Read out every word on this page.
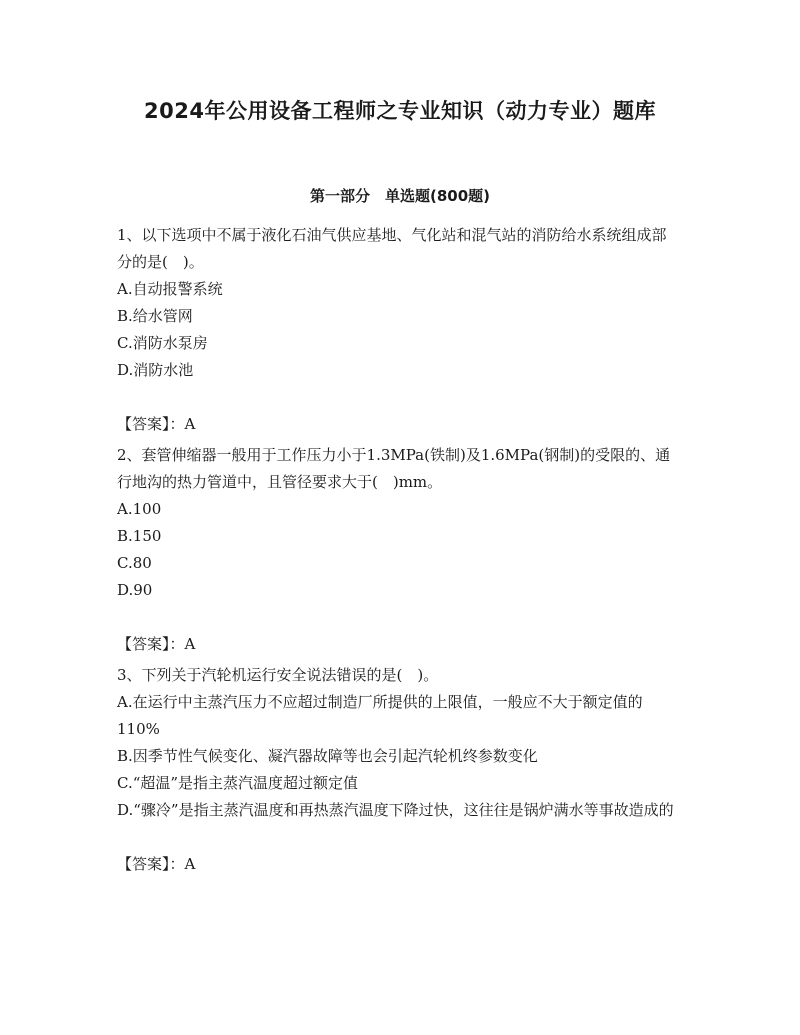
2024年公用设备工程师之专业知识（动力专业）题库
第一部分　单选题(800题)

1、以下选项中不属于液化石油气供应基地、气化站和混气站的消防给水系统组成部分的是(　)。

A.自动报警系统

B.给水管网

C.消防水泵房

D.消防水池

【答案】：A

2、套管伸缩器一般用于工作压力小于1.3MPa(铁制)及1.6MPa(钢制)的受限的、通行地沟的热力管道中，且管径要求大于(　)mm。

A.100

B.150

C.80

D.90

【答案】：A

3、下列关于汽轮机运行安全说法错误的是(　)。

A.在运行中主蒸汽压力不应超过制造厂所提供的上限值，一般应不大于额定值的110%

B.因季节性气候变化、凝汽器故障等也会引起汽轮机终参数变化

C.“超温”是指主蒸汽温度超过额定值

D.“骤冷”是指主蒸汽温度和再热蒸汽温度下降过快，这往往是锅炉满水等事故造成的

【答案】：A
